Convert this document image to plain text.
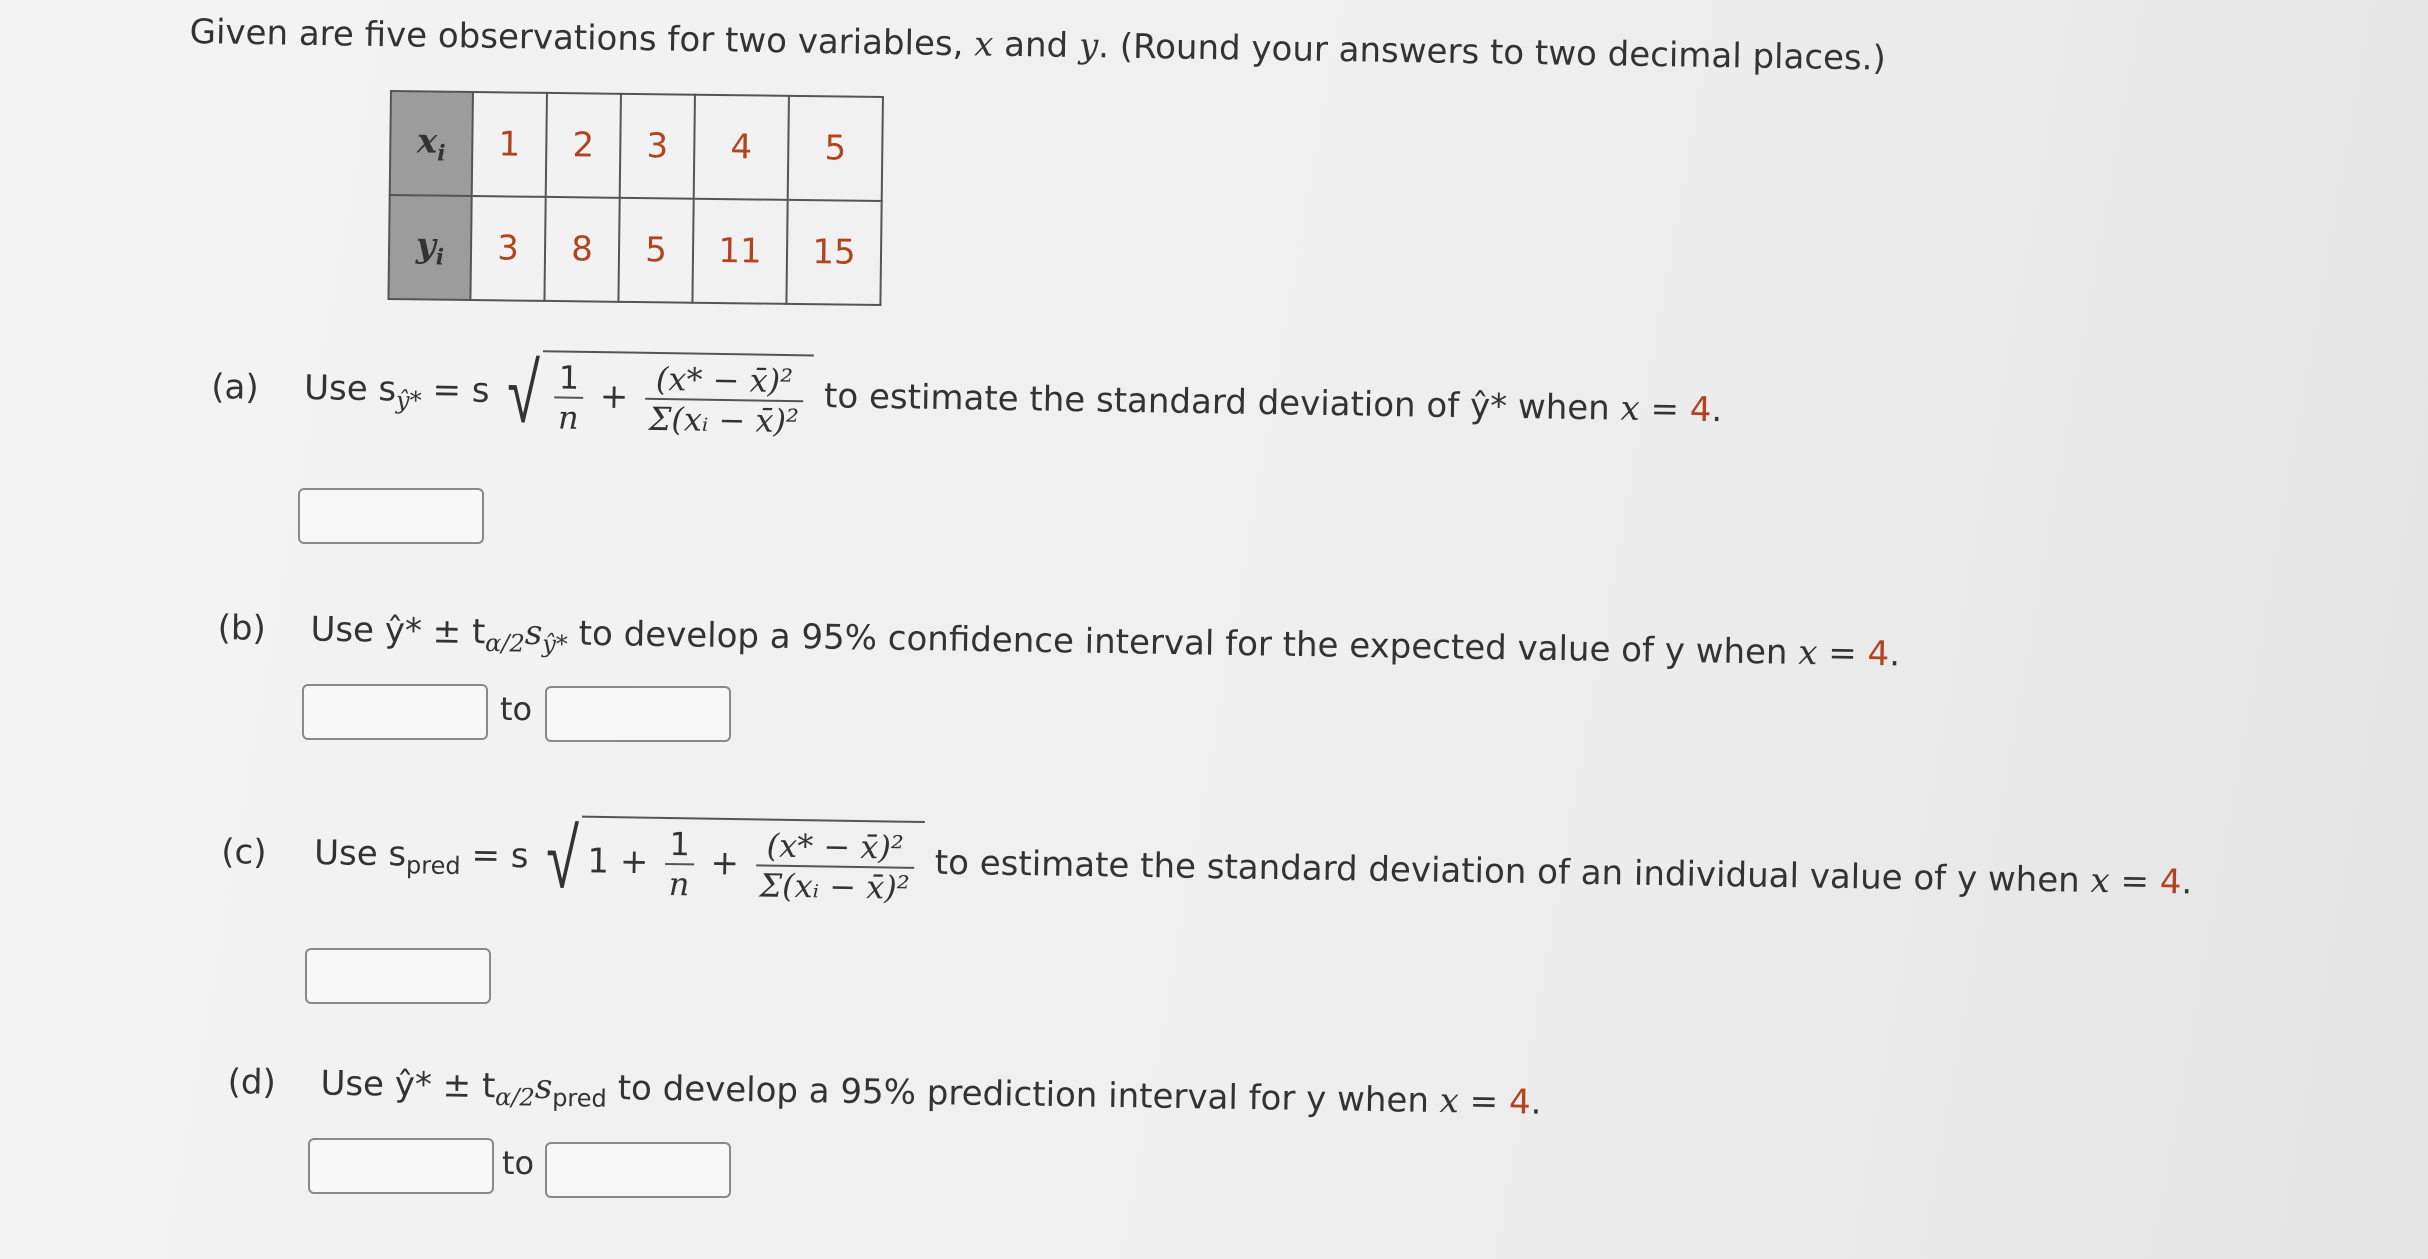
Given are five observations for two variables, x and y. (Round your answers to two decimal places.)
$x_i$	1	2	3	4	5
$y_i$	3	8	5	11	15
(a) Use $s_{ŷ*} = s$ √ $\frac{1}{n} + \frac{\text{(x* − x̄)²}}{\text{Σ(xᵢ − x̄)²}}$ to estimate the standard deviation of ŷ* when x = 4.
(b) Use ŷ* ± $t_{\alpha/2}s_{ŷ*}$ to develop a 95% confidence interval for the expected value of y when x = 4.
to
(c) Use $s_{pred} = s$ √ $1 + \frac{1}{n} + \frac{\text{(x* − x̄)²}}{\text{Σ(xᵢ − x̄)²}}$ to estimate the standard deviation of an individual value of y when x = 4.
(d) Use ŷ* ± $t_{\alpha/2}s_{pred}$ to develop a 95% prediction interval for y when x = 4.
to
